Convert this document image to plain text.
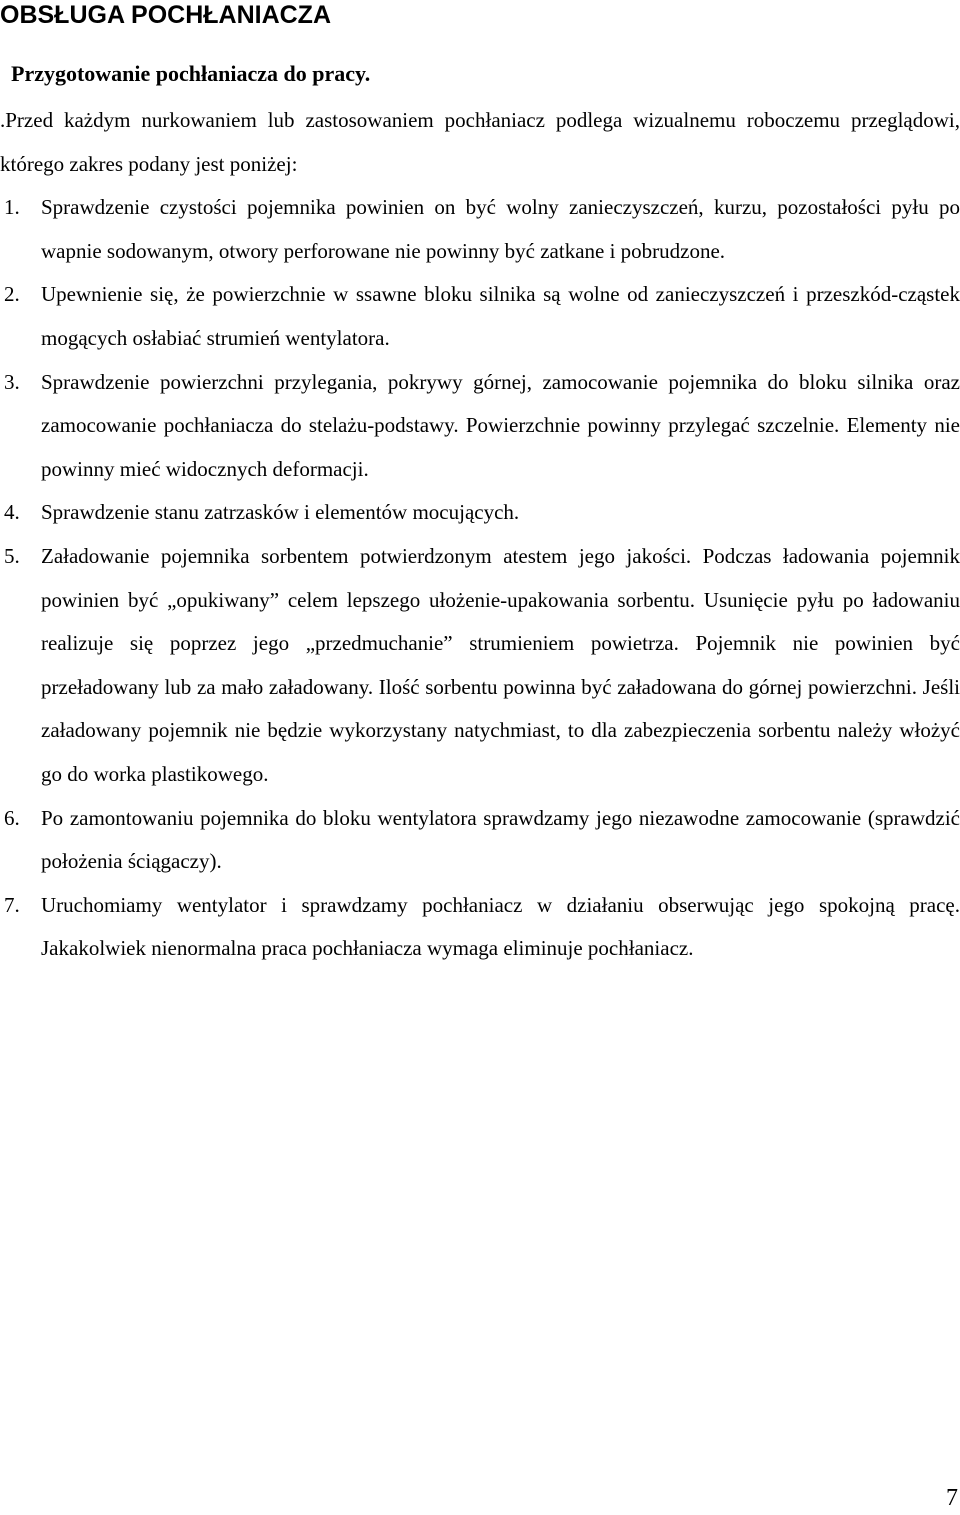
OBSŁUGA POCHŁANIACZA
Przygotowanie pochłaniacza do pracy.

.Przed każdym nurkowaniem lub zastosowaniem pochłaniacz podlega wizualnemu roboczemu przeglądowi, którego zakres podany jest poniżej:

1. Sprawdzenie czystości pojemnika powinien on być wolny zanieczyszczeń, kurzu, pozostałości pyłu po wapnie sodowanym, otwory perforowane nie powinny być zatkane i pobrudzone.
2. Upewnienie się, że powierzchnie w ssawne bloku silnika są wolne od zanieczyszczeń i przeszkód-cząstek mogących osłabiać strumień wentylatora.
3. Sprawdzenie powierzchni przylegania, pokrywy górnej, zamocowanie pojemnika do bloku silnika oraz zamocowanie pochłaniacza do stelażu-podstawy. Powierzchnie powinny przylegać szczelnie. Elementy nie powinny mieć widocznych deformacji.
4. Sprawdzenie stanu zatrzasków i elementów mocujących.
5. Załadowanie pojemnika sorbentem potwierdzonym atestem jego jakości. Podczas ładowania pojemnik powinien być „opukiwany” celem lepszego ułożenie-upakowania sorbentu. Usunięcie pyłu po ładowaniu realizuje się poprzez jego „przedmuchanie” strumieniem powietrza. Pojemnik nie powinien być przeładowany lub za mało załadowany. Ilość sorbentu powinna być załadowana do górnej powierzchni. Jeśli załadowany pojemnik nie będzie wykorzystany natychmiast, to dla zabezpieczenia sorbentu należy włożyć go do worka plastikowego.
6. Po zamontowaniu pojemnika do bloku wentylatora sprawdzamy jego niezawodne zamocowanie (sprawdzić położenia ściągaczy).
7. Uruchomiamy wentylator i sprawdzamy pochłaniacz w działaniu obserwując jego spokojną pracę. Jakakolwiek nienormalna praca pochłaniacza wymaga eliminuje pochłaniacz.
7
